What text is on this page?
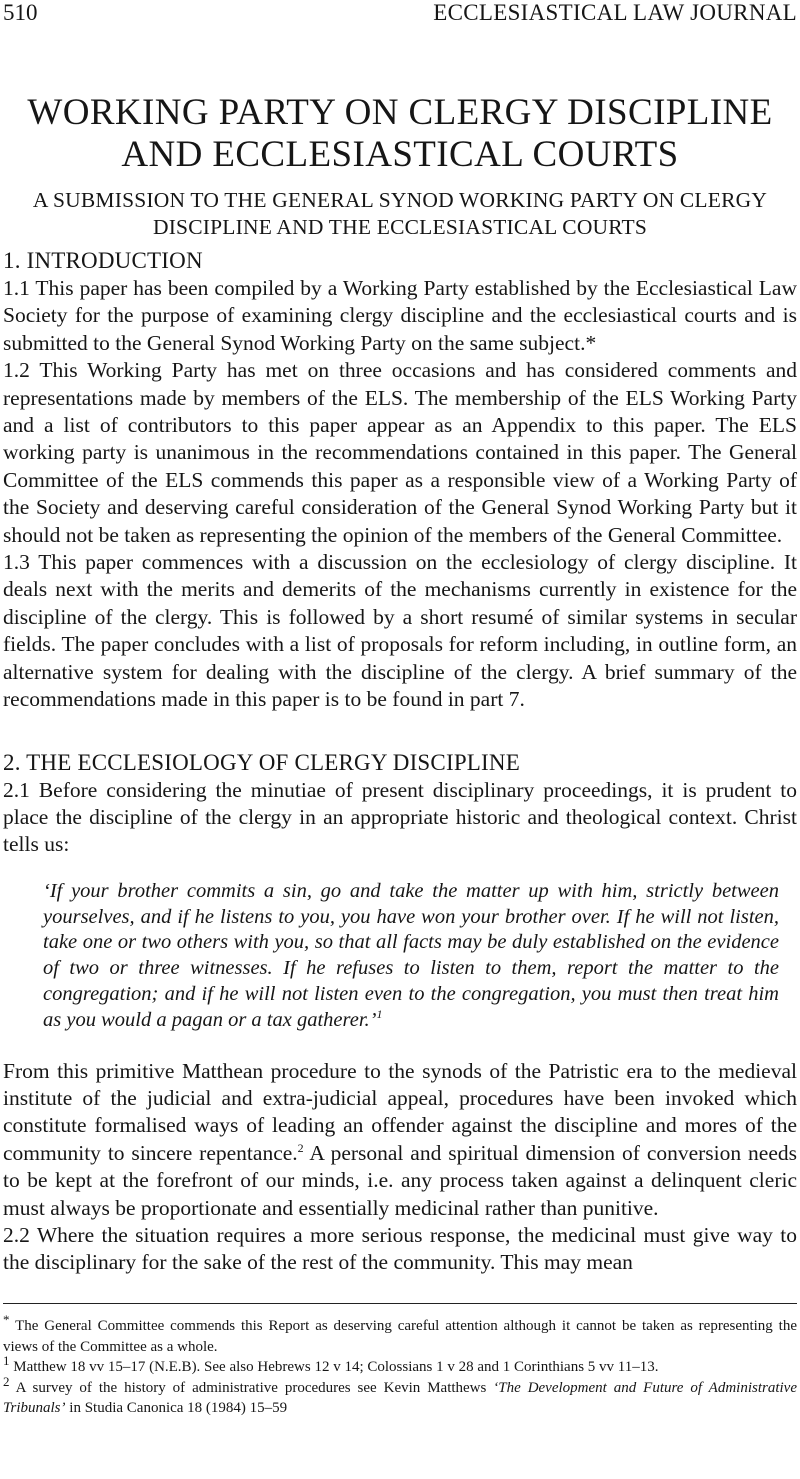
510	ECCLESIASTICAL LAW JOURNAL
WORKING PARTY ON CLERGY DISCIPLINE AND ECCLESIASTICAL COURTS
A SUBMISSION TO THE GENERAL SYNOD WORKING PARTY ON CLERGY DISCIPLINE AND THE ECCLESIASTICAL COURTS
1. INTRODUCTION

1.1 This paper has been compiled by a Working Party established by the Ecclesiastical Law Society for the purpose of examining clergy discipline and the ecclesiastical courts and is submitted to the General Synod Working Party on the same subject.*

1.2 This Working Party has met on three occasions and has considered comments and representations made by members of the ELS. The membership of the ELS Working Party and a list of contributors to this paper appear as an Appendix to this paper. The ELS working party is unanimous in the recommendations contained in this paper. The General Committee of the ELS commends this paper as a responsible view of a Working Party of the Society and deserving careful consideration of the General Synod Working Party but it should not be taken as representing the opinion of the members of the General Committee.

1.3 This paper commences with a discussion on the ecclesiology of clergy discipline. It deals next with the merits and demerits of the mechanisms currently in existence for the discipline of the clergy. This is followed by a short resumé of similar systems in secular fields. The paper concludes with a list of proposals for reform including, in outline form, an alternative system for dealing with the discipline of the clergy. A brief summary of the recommendations made in this paper is to be found in part 7.

2. THE ECCLESIOLOGY OF CLERGY DISCIPLINE

2.1 Before considering the minutiae of present disciplinary proceedings, it is prudent to place the discipline of the clergy in an appropriate historic and theological context. Christ tells us:

‘If your brother commits a sin, go and take the matter up with him, strictly between yourselves, and if he listens to you, you have won your brother over. If he will not listen, take one or two others with you, so that all facts may be duly established on the evidence of two or three witnesses. If he refuses to listen to them, report the matter to the congregation; and if he will not listen even to the congregation, you must then treat him as you would a pagan or a tax gatherer.’$^1$

From this primitive Matthean procedure to the synods of the Patristic era to the medieval institute of the judicial and extra-judicial appeal, procedures have been invoked which constitute formalised ways of leading an offender against the discipline and mores of the community to sincere repentance.$^2$ A personal and spiritual dimension of conversion needs to be kept at the forefront of our minds, i.e. any process taken against a delinquent cleric must always be proportionate and essentially medicinal rather than punitive.

2.2 Where the situation requires a more serious response, the medicinal must give way to the disciplinary for the sake of the rest of the community. This may mean

* The General Committee commends this Report as deserving careful attention although it cannot be taken as representing the views of the Committee as a whole.

1 Matthew 18 vv 15–17 (N.E.B). See also Hebrews 12 v 14; Colossians 1 v 28 and 1 Corinthians 5 vv 11–13.

2 A survey of the history of administrative procedures see Kevin Matthews ‘The Development and Future of Administrative Tribunals’ in Studia Canonica 18 (1984) 15–59
